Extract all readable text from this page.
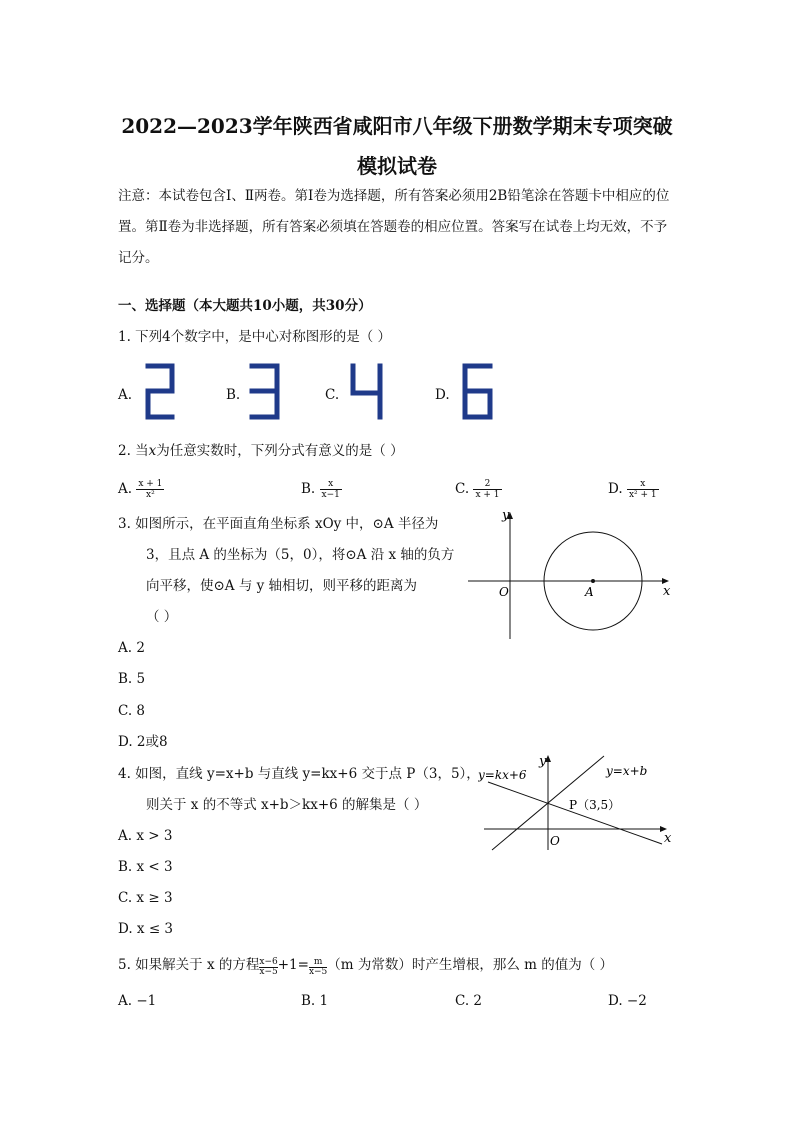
2022—2023学年陕西省咸阳市八年级下册数学期末专项突破
模拟试卷
注意：本试卷包含Ⅰ、Ⅱ两卷。第Ⅰ卷为选择题，所有答案必须用2B铅笔涂在答题卡中相应的位置。第Ⅱ卷为非选择题，所有答案必须填在答题卷的相应位置。答案写在试卷上均无效，不予记分。
一、选择题（本大题共10小题，共30分）
1. 下列4个数字中，是中心对称图形的是（ ）
A.	B.	C.	D.
2. 当x为任意实数时，下列分式有意义的是（ ）
A. $\frac{x + 1}{\text{x²}}$	B. $\frac{x}{x-1}$	C. $\frac{2}{x + 1}$	D. $\frac{x}{\text{x² + 1}}$
3. 如图所示，在平面直角坐标系 xOy 中，⊙A 半径为
3，且点 A 的坐标为（5，0），将⊙A 沿 x 轴的负方
向平移，使⊙A 与 y 轴相切，则平移的距离为
（ ）
A. 2
B. 5
C. 8
D. 2或8
y
x
O	A
4. 如图，直线 y=x+b 与直线 y=kx+6 交于点 P（3，5），
则关于 x 的不等式 x+b＞kx+6 的解集是（ ）
A. x > 3
B. x < 3
C. x ≥ 3
D. x ≤ 3
y
x
O
y=kx+6	y=x+b
P（3,5）
5. 如果解关于 x 的方程 $\frac{x-6}{x-5} +1= \frac{m}{x-5} (m$ 为常数）时产生增根，那么 m 的值为（ ）
A. −1	B. 1	C. 2	D. −2
